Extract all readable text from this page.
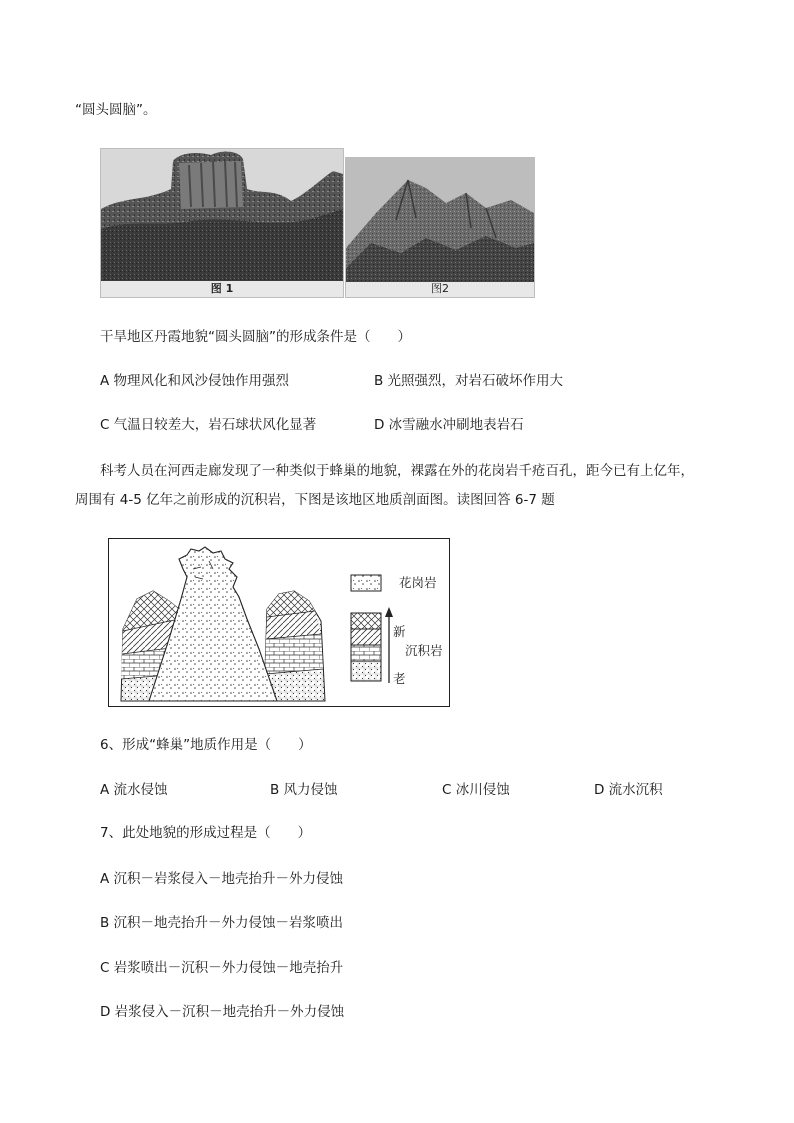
“圆头圆脑”。
图 1	图2
干旱地区丹霞地貌“圆头圆脑”的形成条件是（　　）
A 物理风化和风沙侵蚀作用强烈	B 光照强烈，对岩石破坏作用大
C 气温日较差大，岩石球状风化显著	D 冰雪融水冲刷地表岩石
科考人员在河西走廊发现了一种类似于蜂巢的地貌，裸露在外的花岗岩千疮百孔，距今已有上亿年，
周围有 4-5 亿年之前形成的沉积岩，下图是该地区地质剖面图。读图回答 6-7 题
花岗岩
新
沉积岩
老
6、形成“蜂巢”地质作用是（　　）
A 流水侵蚀	B 风力侵蚀	C 冰川侵蚀	D 流水沉积
7、此处地貌的形成过程是（　　）
A 沉积－岩浆侵入－地壳抬升－外力侵蚀
B 沉积－地壳抬升－外力侵蚀－岩浆喷出
C 岩浆喷出－沉积－外力侵蚀－地壳抬升
D 岩浆侵入－沉积－地壳抬升－外力侵蚀
